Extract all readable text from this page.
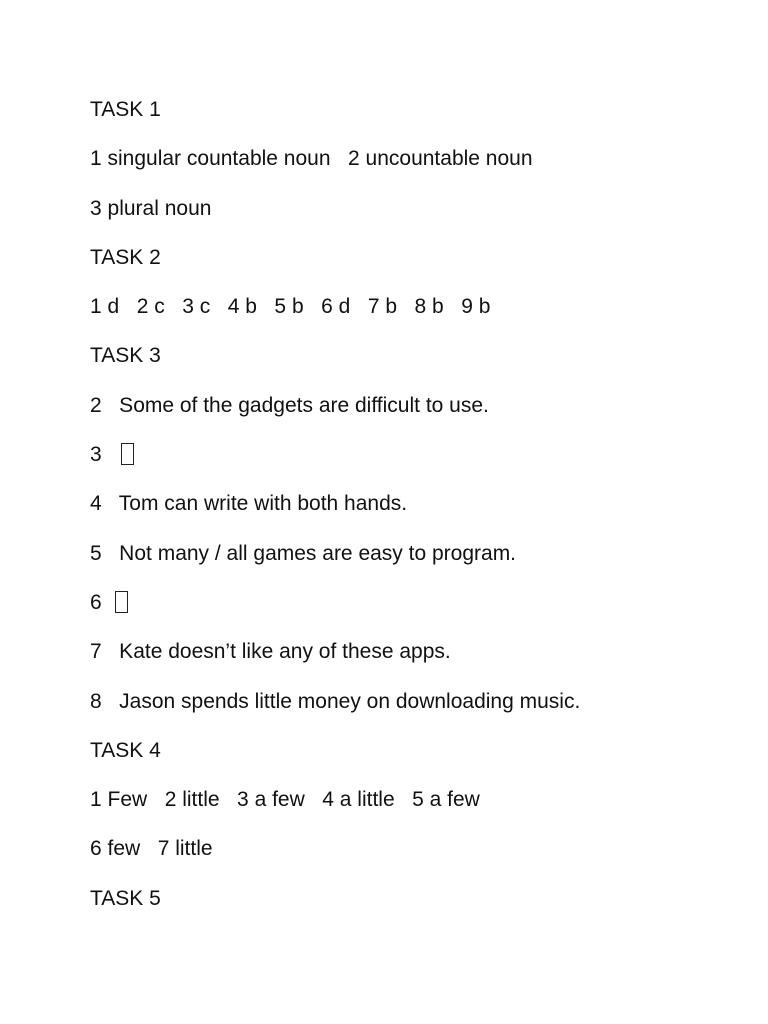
TASK 1
1 singular countable noun   2 uncountable noun
3 plural noun
TASK 2
1 d   2 c   3 c   4 b   5 b   6 d   7 b   8 b   9 b
TASK 3
2   Some of the gadgets are difficult to use.
3
4   Tom can write with both hands.
5   Not many / all games are easy to program.
6
7   Kate doesn’t like any of these apps.
8   Jason spends little money on downloading music.
TASK 4
1 Few   2 little   3 a few   4 a little   5 a few
6 few   7 little
TASK 5
